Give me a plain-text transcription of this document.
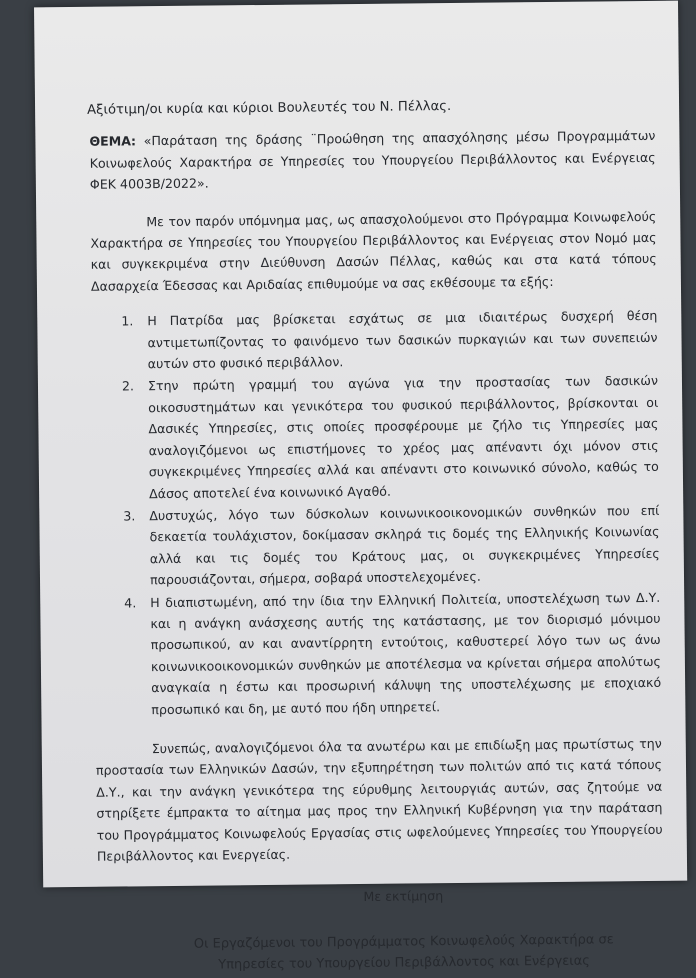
Αξιότιμη/οι κυρία και κύριοι Βουλευτές του Ν. Πέλλας.
ΘΕΜΑ: «Παράταση της δράσης ¨Προώθηση της απασχόλησης μέσω Προγραμμάτων Κοινωφελούς Χαρακτήρα σε Υπηρεσίες του Υπουργείου Περιβάλλοντος και Ενέργειας ΦΕΚ 4003Β/2022».
Με τον παρόν υπόμνημα μας, ως απασχολούμενοι στο Πρόγραμμα Κοινωφελούς Χαρακτήρα σε Υπηρεσίες του Υπουργείου Περιβάλλοντος και Ενέργειας στον Νομό μας και συγκεκριμένα στην Διεύθυνση Δασών Πέλλας, καθώς και στα κατά τόπους Δασαρχεία Έδεσσας και Αριδαίας επιθυμούμε να σας εκθέσουμε τα εξής:
1. Η Πατρίδα μας βρίσκεται εσχάτως σε μια ιδιαιτέρως δυσχερή θέση αντιμετωπίζοντας το φαινόμενο των δασικών πυρκαγιών και των συνεπειών αυτών στο φυσικό περιβάλλον.
2. Στην πρώτη γραμμή του αγώνα για την προστασίας των δασικών οικοσυστημάτων και γενικότερα του φυσικού περιβάλλοντος, βρίσκονται οι Δασικές Υπηρεσίες, στις οποίες προσφέρουμε με ζήλο τις Υπηρεσίες μας αναλογιζόμενοι ως επιστήμονες το χρέος μας απέναντι όχι μόνον στις συγκεκριμένες Υπηρεσίες αλλά και απέναντι στο κοινωνικό σύνολο, καθώς το Δάσος αποτελεί ένα κοινωνικό Αγαθό.
3. Δυστυχώς, λόγο των δύσκολων κοινωνικοοικονομικών συνθηκών που επί δεκαετία τουλάχιστον, δοκίμασαν σκληρά τις δομές της Ελληνικής Κοινωνίας αλλά και τις δομές του Κράτους μας, οι συγκεκριμένες Υπηρεσίες παρουσιάζονται, σήμερα, σοβαρά υποστελεχομένες.
4. Η διαπιστωμένη, από την ίδια την Ελληνική Πολιτεία, υποστελέχωση των Δ.Υ. και η ανάγκη ανάσχεσης αυτής της κατάστασης, με τον διορισμό μόνιμου προσωπικού, αν και αναντίρρητη εντούτοις, καθυστερεί λόγο των ως άνω κοινωνικοοικονομικών συνθηκών με αποτέλεσμα να κρίνεται σήμερα απολύτως αναγκαία η έστω και προσωρινή κάλυψη της υποστελέχωσης με εποχιακό προσωπικό και δη, με αυτό που ήδη υπηρετεί.
Συνεπώς, αναλογιζόμενοι όλα τα ανωτέρω και με επιδίωξη μας πρωτίστως την προστασία των Ελληνικών Δασών, την εξυπηρέτηση των πολιτών από τις κατά τόπους Δ.Υ., και την ανάγκη γενικότερα της εύρυθμης λειτουργιάς αυτών, σας ζητούμε να στηρίξετε έμπρακτα το αίτημα μας προς την Ελληνική Κυβέρνηση για την παράταση του Προγράμματος Κοινωφελούς Εργασίας στις ωφελούμενες Υπηρεσίες του Υπουργείου Περιβάλλοντος και Ενεργείας.
Με εκτίμηση
Οι Εργαζόμενοι του Προγράμματος Κοινωφελούς Χαρακτήρα σε
Υπηρεσίες του Υπουργείου Περιβάλλοντος και Ενέργειας
